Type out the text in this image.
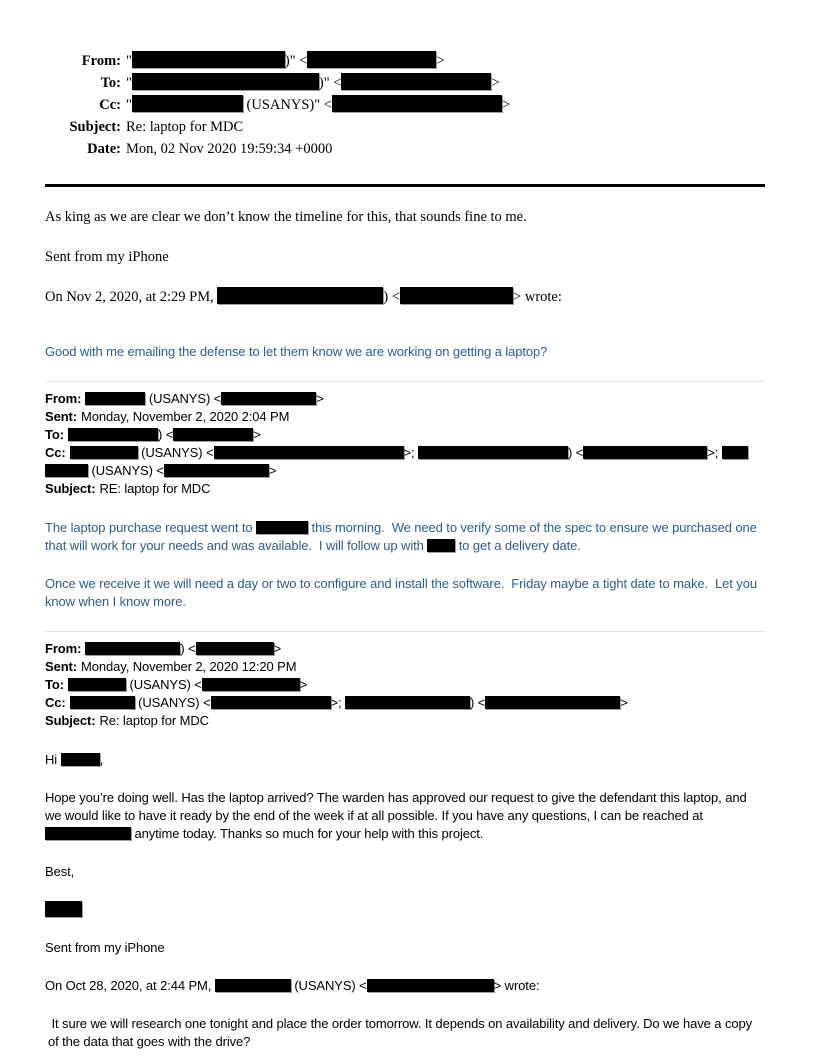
From: "	)" <	>
To: "	)" <	>
Cc: "	(USANYS)" <	>
Subject: Re: laptop for MDC
Date: Mon, 02 Nov 2020 19:59:34 +0000

As king as we are clear we don’t know the timeline for this, that sounds fine to me.

Sent from my iPhone

On Nov 2, 2020, at 2:29 PM,	) <	> wrote:

Good with me emailing the defense to let them know we are working on getting a laptop?

From:	(USANYS) <	>
Sent: Monday, November 2, 2020 2:04 PM
To:	) <	>
Cc:	(USANYS) <	>;	) <	>;
(USANYS) <	>
Subject: RE: laptop for MDC

The laptop purchase request went to	this morning.  We need to verify some of the spec to ensure we purchased one that will work for your needs and was available.  I will follow up with  to get a delivery date.

Once we receive it we will need a day or two to configure and install the software.  Friday maybe a tight date to make.  Let you know when I know more.

From:	) <	>
Sent: Monday, November 2, 2020 12:20 PM
To:	(USANYS) <	>
Cc:	(USANYS) <	>;	) <	>
Subject: Re: laptop for MDC

Hi	,

Hope you’re doing well. Has the laptop arrived? The warden has approved our request to give the defendant this laptop, and we would like to have it ready by the end of the week if at all possible. If you have any questions, I can be reached at  anytime today. Thanks so much for your help with this project.

Best,

Sent from my iPhone

On Oct 28, 2020, at 2:44 PM,	(USANYS) <	> wrote:

It sure we will research one tonight and place the order tomorrow. It depends on availability and delivery. Do we have a copy of the data that goes with the drive?
